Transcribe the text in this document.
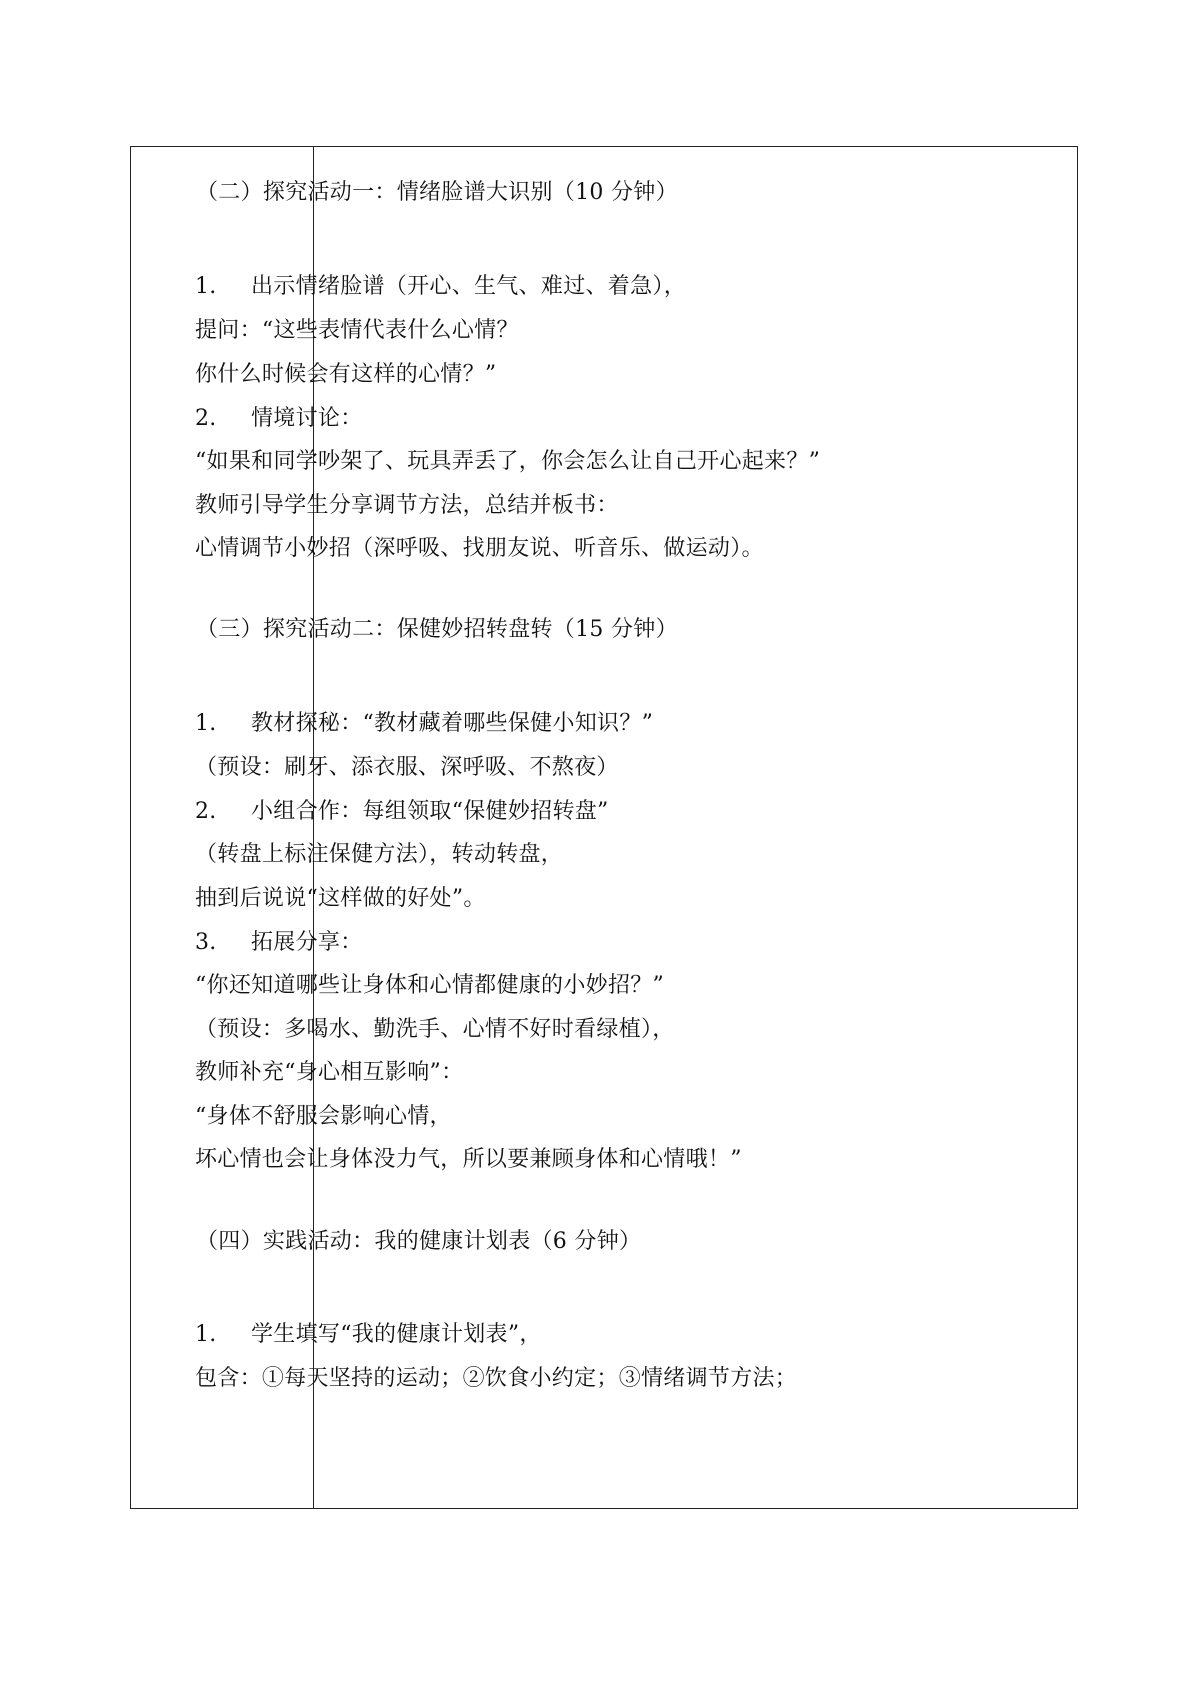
（二）探究活动一：情绪脸谱大识别（10 分钟）
1. 出示情绪脸谱（开心、生气、难过、着急），
提问：“这些表情代表什么心情？
你什么时候会有这样的心情？”
2. 情境讨论：
“如果和同学吵架了、玩具弄丢了，你会怎么让自己开心起来？”
教师引导学生分享调节方法，总结并板书：
心情调节小妙招（深呼吸、找朋友说、听音乐、做运动）。
（三）探究活动二：保健妙招转盘转（15 分钟）
1. 教材探秘：“教材藏着哪些保健小知识？”
（预设：刷牙、添衣服、深呼吸、不熬夜）
2. 小组合作：每组领取“保健妙招转盘”
（转盘上标注保健方法），转动转盘，
抽到后说说“这样做的好处”。
3. 拓展分享：
“你还知道哪些让身体和心情都健康的小妙招？”
（预设：多喝水、勤洗手、心情不好时看绿植），
教师补充“身心相互影响”：
“身体不舒服会影响心情，
坏心情也会让身体没力气，所以要兼顾身体和心情哦！”
（四）实践活动：我的健康计划表（6 分钟）
1. 学生填写“我的健康计划表”，
包含：①每天坚持的运动；②饮食小约定；③情绪调节方法；
